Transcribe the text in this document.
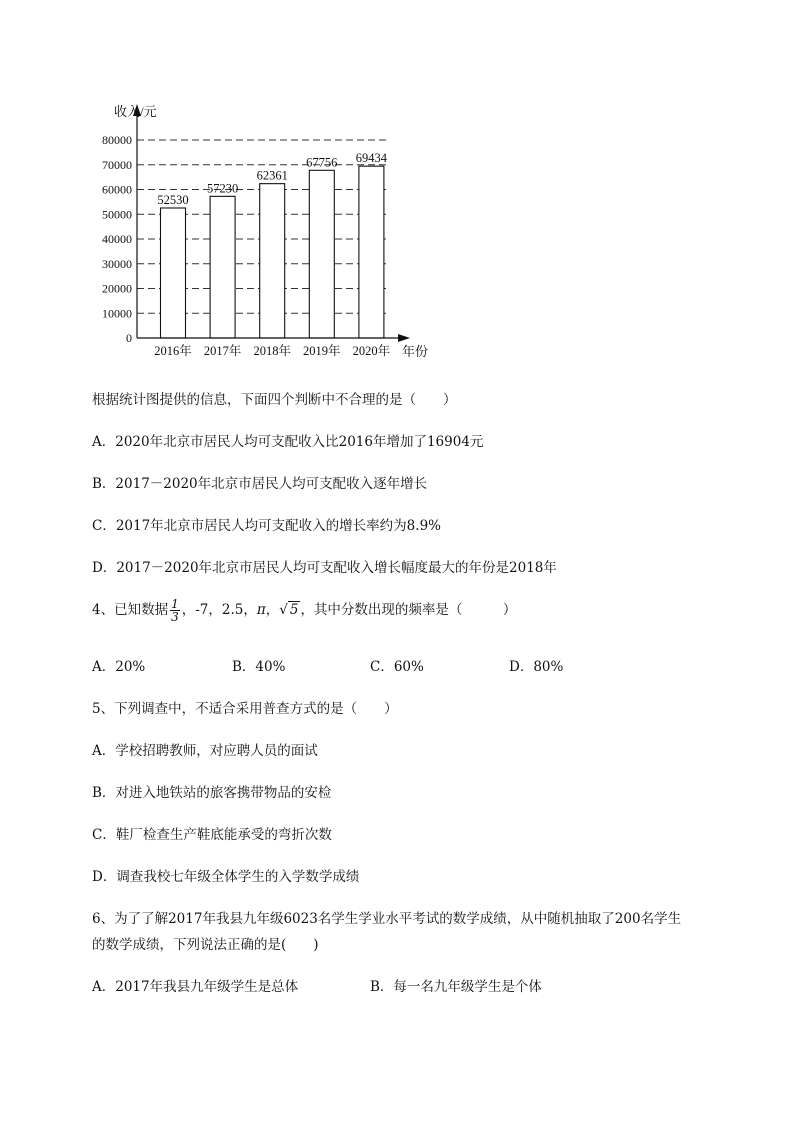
0
10000
20000
30000
40000
50000
60000
70000
80000
2016年 2017年 2018年 2019年 2020年
52530
57230
62361
67756 69434
收入/元
年份
根据统计图提供的信息，下面四个判断中不合理的是（　　）
A．2020年北京市居民人均可支配收入比2016年增加了16904元
B．2017－2020年北京市居民人均可支配收入逐年增长
C．2017年北京市居民人均可支配收入的增长率约为8.9%
D．2017－2020年北京市居民人均可支配收入增长幅度最大的年份是2018年
4、已知数据 $\frac{1}{3}$ ，-7，2.5，π，√ 5 ，其中分数出现的频率是（　　　）
A．20%	B．40%	C．60%	D．80%
5、下列调查中，不适合采用普查方式的是（　　）
A．学校招聘教师，对应聘人员的面试
B．对进入地铁站的旅客携带物品的安检
C．鞋厂检查生产鞋底能承受的弯折次数
D．调查我校七年级全体学生的入学数学成绩
6、为了了解2017年我县九年级6023名学生学业水平考试的数学成绩，从中随机抽取了200名学生
的数学成绩，下列说法正确的是(　　)
A．2017年我县九年级学生是总体	B．每一名九年级学生是个体
